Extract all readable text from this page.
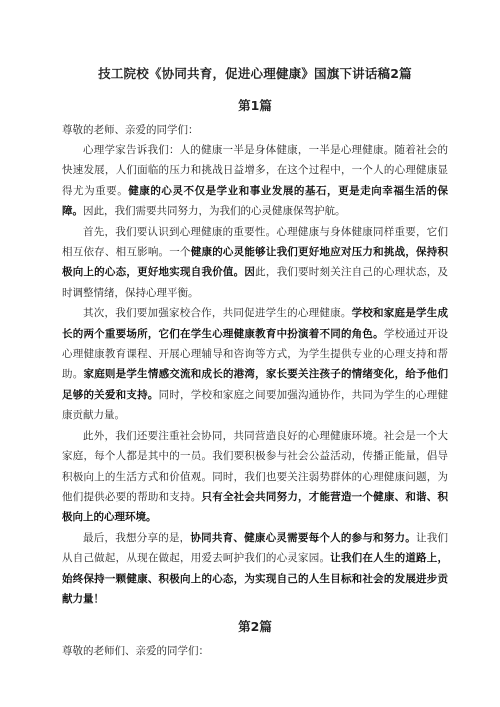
技工院校《协同共育，促进心理健康》国旗下讲话稿2篇
第1篇

尊敬的老师、亲爱的同学们：

心理学家告诉我们：人的健康一半是身体健康，一半是心理健康。随着社会的快速发展，人们面临的压力和挑战日益增多，在这个过程中，一个人的心理健康显得尤为重要。健康的心灵不仅是学业和事业发展的基石，更是走向幸福生活的保障。因此，我们需要共同努力，为我们的心灵健康保驾护航。

首先，我们要认识到心理健康的重要性。心理健康与身体健康同样重要，它们相互依存、相互影响。一个健康的心灵能够让我们更好地应对压力和挑战，保持积极向上的心态，更好地实现自我价值。因此，我们要时刻关注自己的心理状态，及时调整情绪，保持心理平衡。

其次，我们要加强家校合作，共同促进学生的心理健康。学校和家庭是学生成长的两个重要场所，它们在学生心理健康教育中扮演着不同的角色。学校通过开设心理健康教育课程、开展心理辅导和咨询等方式，为学生提供专业的心理支持和帮助。家庭则是学生情感交流和成长的港湾，家长要关注孩子的情绪变化，给予他们足够的关爱和支持。同时，学校和家庭之间要加强沟通协作，共同为学生的心理健康贡献力量。

此外，我们还要注重社会协同，共同营造良好的心理健康环境。社会是一个大家庭，每个人都是其中的一员。我们要积极参与社会公益活动，传播正能量，倡导积极向上的生活方式和价值观。同时，我们也要关注弱势群体的心理健康问题，为他们提供必要的帮助和支持。只有全社会共同努力，才能营造一个健康、和谐、积极向上的心理环境。

最后，我想分享的是，协同共育、健康心灵需要每个人的参与和努力。让我们从自己做起，从现在做起，用爱去呵护我们的心灵家园。让我们在人生的道路上，始终保持一颗健康、积极向上的心态，为实现自己的人生目标和社会的发展进步贡献力量！

第2篇

尊敬的老师们、亲爱的同学们：
